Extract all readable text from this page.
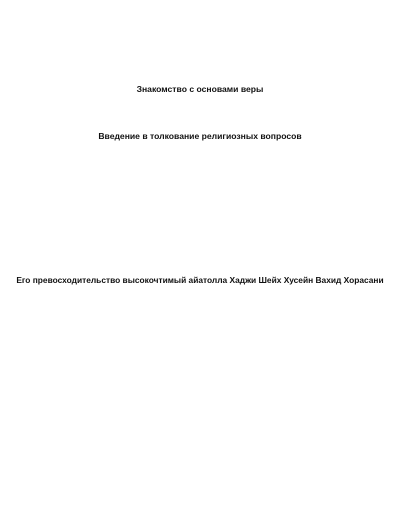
Знакомство с основами веры
Введение в толкование религиозных вопросов
Его превосходительство высокочтимый айатолла Хаджи Шейх Хусейн Вахид Хорасани
